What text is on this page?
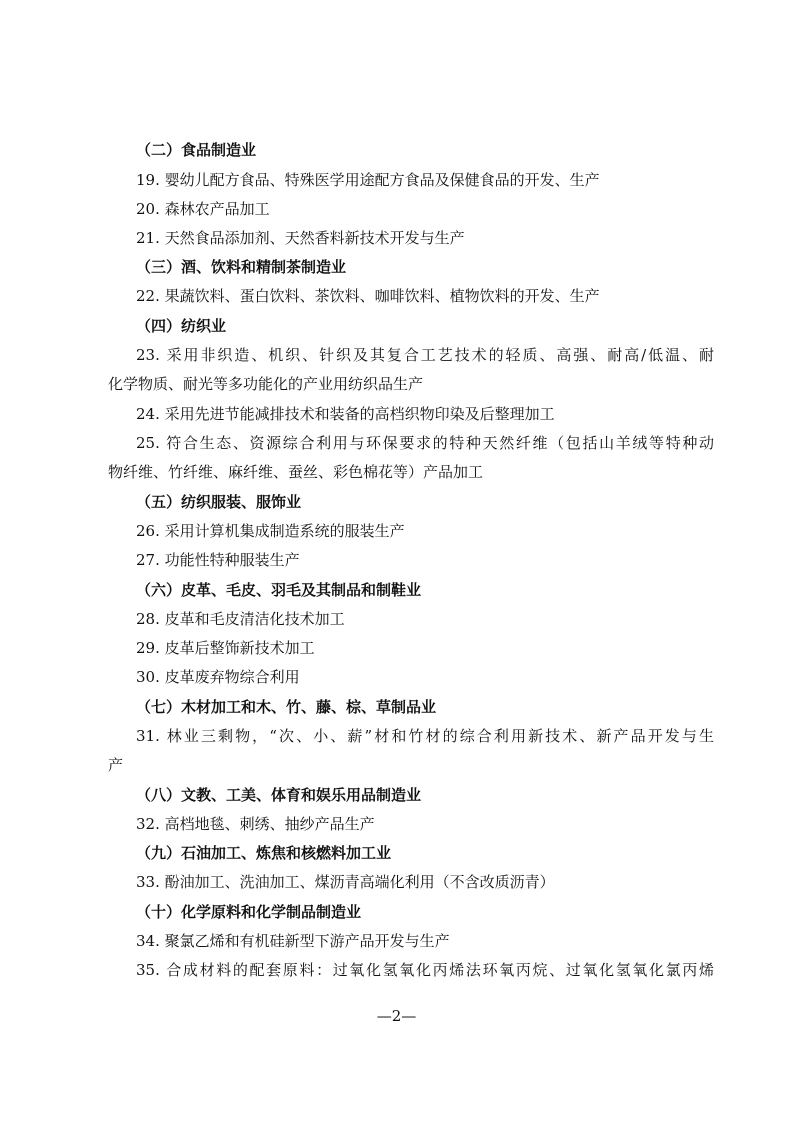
（二）食品制造业
19. 婴幼儿配方食品、特殊医学用途配方食品及保健食品的开发、生产
20. 森林农产品加工
21. 天然食品添加剂、天然香料新技术开发与生产
（三）酒、饮料和精制茶制造业
22. 果蔬饮料、蛋白饮料、茶饮料、咖啡饮料、植物饮料的开发、生产
（四）纺织业
23. 采用非织造、机织、针织及其复合工艺技术的轻质、高强、耐高/低温、耐
化学物质、耐光等多功能化的产业用纺织品生产
24. 采用先进节能减排技术和装备的高档织物印染及后整理加工
25. 符合生态、资源综合利用与环保要求的特种天然纤维（包括山羊绒等特种动
物纤维、竹纤维、麻纤维、蚕丝、彩色棉花等）产品加工
（五）纺织服装、服饰业
26. 采用计算机集成制造系统的服装生产
27. 功能性特种服装生产
（六）皮革、毛皮、羽毛及其制品和制鞋业
28. 皮革和毛皮清洁化技术加工
29. 皮革后整饰新技术加工
30. 皮革废弃物综合利用
（七）木材加工和木、竹、藤、棕、草制品业
31. 林业三剩物，“次、小、薪”材和竹材的综合利用新技术、新产品开发与生
产
（八）文教、工美、体育和娱乐用品制造业
32. 高档地毯、刺绣、抽纱产品生产
（九）石油加工、炼焦和核燃料加工业
33. 酚油加工、洗油加工、煤沥青高端化利用（不含改质沥青）
（十）化学原料和化学制品制造业
34. 聚氯乙烯和有机硅新型下游产品开发与生产
35. 合成材料的配套原料：过氧化氢氧化丙烯法环氧丙烷、过氧化氢氧化氯丙烯
—2—
